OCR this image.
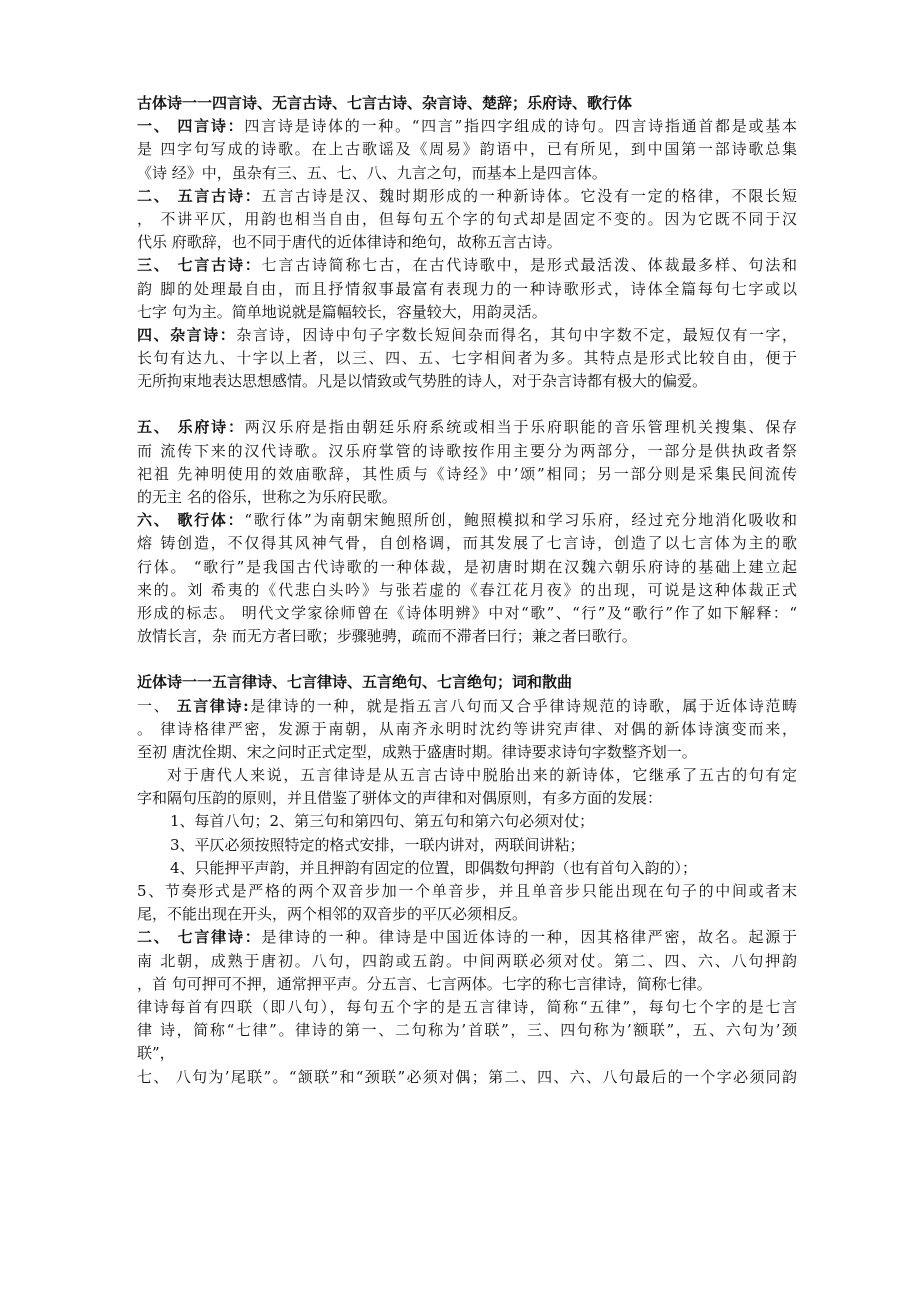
古体诗一一四言诗、无言古诗、七言古诗、杂言诗、楚辞；乐府诗、歌行体
一、 四言诗：四言诗是诗体的一种。“四言”指四字组成的诗句。四言诗指通首都是或基本
是 四字句写成的诗歌。在上古歌谣及《周易》韵语中，已有所见，到中国第一部诗歌总集
《诗 经》中，虽杂有三、五、七、八、九言之句，而基本上是四言体。
二、 五言古诗：五言古诗是汉、魏时期形成的一种新诗体。它没有一定的格律，不限长短
， 不讲平仄，用韵也相当自由，但每句五个字的句式却是固定不变的。因为它既不同于汉
代乐 府歌辞，也不同于唐代的近体律诗和绝句，故称五言古诗。
三、 七言古诗：七言古诗简称七古，在古代诗歌中，是形式最活泼、体裁最多样、句法和
韵 脚的处理最自由，而且抒情叙事最富有表现力的一种诗歌形式，诗体全篇每句七字或以
七字 句为主。简单地说就是篇幅较长，容量较大，用韵灵活。
四、杂言诗：杂言诗，因诗中句子字数长短间杂而得名，其句中字数不定，最短仅有一字，
长句有达九、十字以上者，以三、四、五、七字相间者为多。其特点是形式比较自由，便于
无所拘束地表达思想感情。凡是以情致或气势胜的诗人，对于杂言诗都有极大的偏爱。
五、 乐府诗：两汉乐府是指由朝廷乐府系统或相当于乐府职能的音乐管理机关搜集、保存
而 流传下来的汉代诗歌。汉乐府掌管的诗歌按作用主要分为两部分，一部分是供执政者祭
祀祖 先神明使用的效庙歌辞，其性质与《诗经》中’颂”相同；另一部分则是采集民间流传
的无主 名的俗乐，世称之为乐府民歌。
六、 歌行体：“歌行体”为南朝宋鲍照所创，鲍照模拟和学习乐府，经过充分地消化吸收和
熔 铸创造，不仅得其风神气骨，自创格调，而其发展了七言诗，创造了以七言体为主的歌
行体。 “歌行”是我国古代诗歌的一种体裁，是初唐时期在汉魏六朝乐府诗的基础上建立起
来的。刘 希夷的《代悲白头吟》与张若虚的《春江花月夜》的出现，可说是这种体裁正式
形成的标志。 明代文学家徐师曾在《诗体明辨》中对“歌”、“行”及“歌行”作了如下解释：“
放情长言，杂 而无方者曰歌；步骤驰骋，疏而不滞者曰行；兼之者曰歌行。
近体诗一一五言律诗、七言律诗、五言绝句、七言绝句；词和散曲
一、 五言律诗:是律诗的一种，就是指五言八句而又合乎律诗规范的诗歌，属于近体诗范畴
。 律诗格律严密，发源于南朝，从南齐永明时沈约等讲究声律、对偶的新体诗演变而来，
至初 唐沈佺期、宋之问时正式定型，成熟于盛唐时期。律诗要求诗句字数整齐划一。
对于唐代人来说，五言律诗是从五言古诗中脱胎出来的新诗体，它继承了五古的句有定
字和隔句压韵的原则，并且借鉴了骈体文的声律和对偶原则，有多方面的发展：
1、每首八句；2、第三句和第四句、第五句和第六句必须对仗；
3、平仄必须按照特定的格式安排，一联内讲对，两联间讲粘；
4、只能押平声韵，并且押韵有固定的位置，即偶数句押韵（也有首句入韵的）；
5、节奏形式是严格的两个双音步加一个单音步，并且单音步只能出现在句子的中间或者末
尾，不能出现在开头，两个相邻的双音步的平仄必须相反。
二、 七言律诗：是律诗的一种。律诗是中国近体诗的一种，因其格律严密，故名。起源于
南 北朝，成熟于唐初。八句，四韵或五韵。中间两联必须对仗。第二、四、六、八句押韵
，首 句可押可不押，通常押平声。分五言、七言两体。七字的称七言律诗，简称七律。
律诗每首有四联（即八句），每句五个字的是五言律诗，简称“五律”，每句七个字的是七言
律 诗，简称“七律”。律诗的第一、二句称为’首联”，三、四句称为’额联”，五、六句为’颈
联”，
七、 八句为’尾联”。“颔联”和“颈联”必须对偶；第二、四、六、八句最后的一个字必须同韵
